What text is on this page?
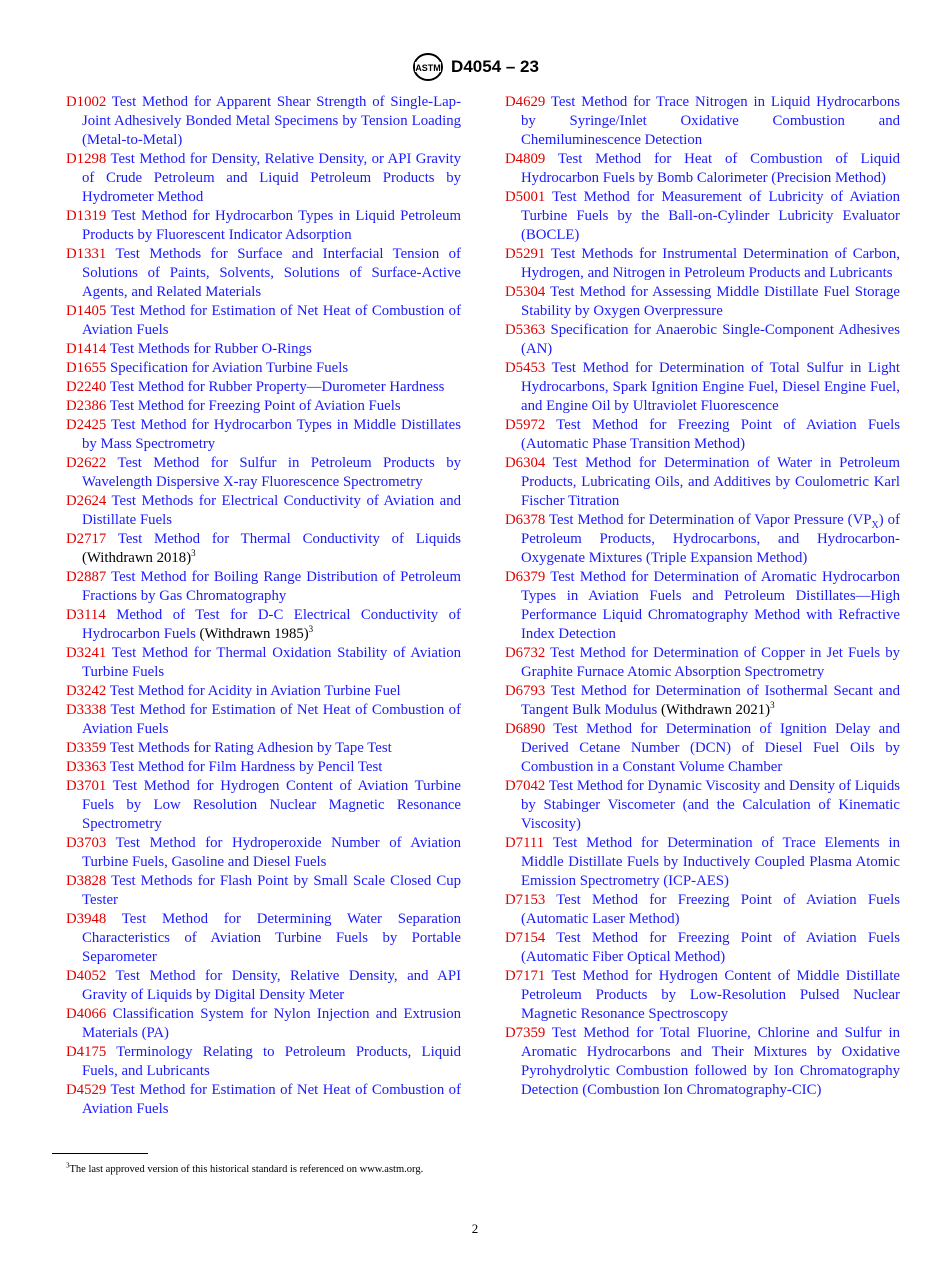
ASTM D4054 – 23

D1002 Test Method for Apparent Shear Strength of Single-Lap-Joint Adhesively Bonded Metal Specimens by Tension Loading (Metal-to-Metal)

D1298 Test Method for Density, Relative Density, or API Gravity of Crude Petroleum and Liquid Petroleum Products by Hydrometer Method

D1319 Test Method for Hydrocarbon Types in Liquid Petroleum Products by Fluorescent Indicator Adsorption

D1331 Test Methods for Surface and Interfacial Tension of Solutions of Paints, Solvents, Solutions of Surface-Active Agents, and Related Materials

D1405 Test Method for Estimation of Net Heat of Combustion of Aviation Fuels

D1414 Test Methods for Rubber O-Rings

D1655 Specification for Aviation Turbine Fuels

D2240 Test Method for Rubber Property—Durometer Hardness

D2386 Test Method for Freezing Point of Aviation Fuels

D2425 Test Method for Hydrocarbon Types in Middle Distillates by Mass Spectrometry

D2622 Test Method for Sulfur in Petroleum Products by Wavelength Dispersive X-ray Fluorescence Spectrometry

D2624 Test Methods for Electrical Conductivity of Aviation and Distillate Fuels

D2717 Test Method for Thermal Conductivity of Liquids (Withdrawn 2018)$^3$

D2887 Test Method for Boiling Range Distribution of Petroleum Fractions by Gas Chromatography

D3114 Method of Test for D-C Electrical Conductivity of Hydrocarbon Fuels (Withdrawn 1985)$^3$

D3241 Test Method for Thermal Oxidation Stability of Aviation Turbine Fuels

D3242 Test Method for Acidity in Aviation Turbine Fuel

D3338 Test Method for Estimation of Net Heat of Combustion of Aviation Fuels

D3359 Test Methods for Rating Adhesion by Tape Test

D3363 Test Method for Film Hardness by Pencil Test

D3701 Test Method for Hydrogen Content of Aviation Turbine Fuels by Low Resolution Nuclear Magnetic Resonance Spectrometry

D3703 Test Method for Hydroperoxide Number of Aviation Turbine Fuels, Gasoline and Diesel Fuels

D3828 Test Methods for Flash Point by Small Scale Closed Cup Tester

D3948 Test Method for Determining Water Separation Characteristics of Aviation Turbine Fuels by Portable Separometer

D4052 Test Method for Density, Relative Density, and API Gravity of Liquids by Digital Density Meter

D4066 Classification System for Nylon Injection and Extrusion Materials (PA)

D4175 Terminology Relating to Petroleum Products, Liquid Fuels, and Lubricants

D4529 Test Method for Estimation of Net Heat of Combustion of Aviation Fuels

D4629 Test Method for Trace Nitrogen in Liquid Hydrocarbons by Syringe/Inlet Oxidative Combustion and Chemiluminescence Detection

D4809 Test Method for Heat of Combustion of Liquid Hydrocarbon Fuels by Bomb Calorimeter (Precision Method)

D5001 Test Method for Measurement of Lubricity of Aviation Turbine Fuels by the Ball-on-Cylinder Lubricity Evaluator (BOCLE)

D5291 Test Methods for Instrumental Determination of Carbon, Hydrogen, and Nitrogen in Petroleum Products and Lubricants

D5304 Test Method for Assessing Middle Distillate Fuel Storage Stability by Oxygen Overpressure

D5363 Specification for Anaerobic Single-Component Adhesives (AN)

D5453 Test Method for Determination of Total Sulfur in Light Hydrocarbons, Spark Ignition Engine Fuel, Diesel Engine Fuel, and Engine Oil by Ultraviolet Fluorescence

D5972 Test Method for Freezing Point of Aviation Fuels (Automatic Phase Transition Method)

D6304 Test Method for Determination of Water in Petroleum Products, Lubricating Oils, and Additives by Coulometric Karl Fischer Titration

D6378 Test Method for Determination of Vapor Pressure $(VP_X)$ of Petroleum Products, Hydrocarbons, and Hydrocarbon-Oxygenate Mixtures (Triple Expansion Method)

D6379 Test Method for Determination of Aromatic Hydrocarbon Types in Aviation Fuels and Petroleum Distillates—High Performance Liquid Chromatography Method with Refractive Index Detection

D6732 Test Method for Determination of Copper in Jet Fuels by Graphite Furnace Atomic Absorption Spectrometry

D6793 Test Method for Determination of Isothermal Secant and Tangent Bulk Modulus (Withdrawn 2021)$^3$

D6890 Test Method for Determination of Ignition Delay and Derived Cetane Number (DCN) of Diesel Fuel Oils by Combustion in a Constant Volume Chamber

D7042 Test Method for Dynamic Viscosity and Density of Liquids by Stabinger Viscometer (and the Calculation of Kinematic Viscosity)

D7111 Test Method for Determination of Trace Elements in Middle Distillate Fuels by Inductively Coupled Plasma Atomic Emission Spectrometry (ICP-AES)

D7153 Test Method for Freezing Point of Aviation Fuels (Automatic Laser Method)

D7154 Test Method for Freezing Point of Aviation Fuels (Automatic Fiber Optical Method)

D7171 Test Method for Hydrogen Content of Middle Distillate Petroleum Products by Low-Resolution Pulsed Nuclear Magnetic Resonance Spectroscopy

D7359 Test Method for Total Fluorine, Chlorine and Sulfur in Aromatic Hydrocarbons and Their Mixtures by Oxidative Pyrohydrolytic Combustion followed by Ion Chromatography Detection (Combustion Ion Chromatography-CIC)

$^3$The last approved version of this historical standard is referenced on www.astm.org.
2
